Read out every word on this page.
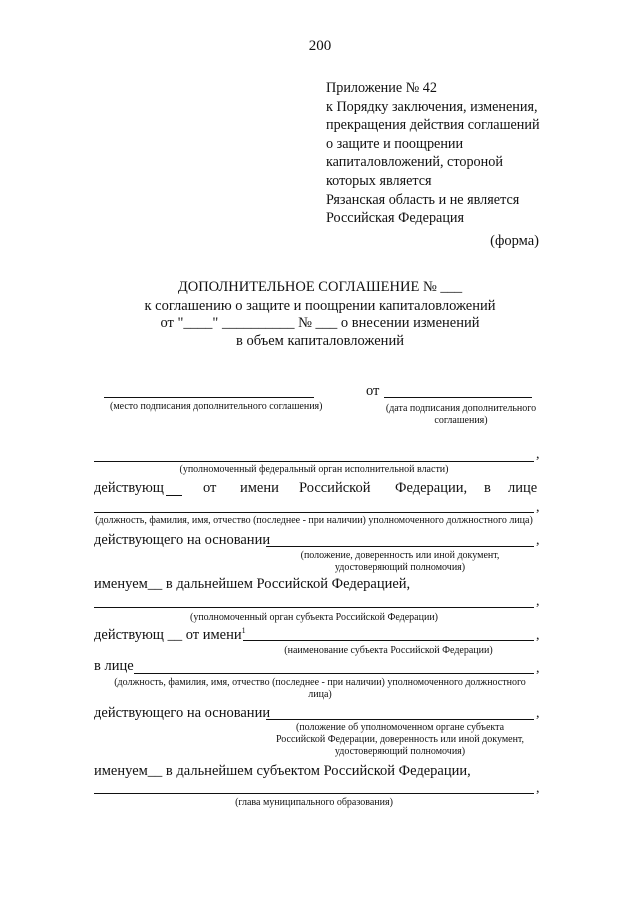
200
Приложение № 42
к Порядку заключения, изменения,
прекращения действия соглашений
о защите и поощрении
капиталовложений, стороной
которых является
Рязанская область и не является
Российская Федерация
(форма)
ДОПОЛНИТЕЛЬНОЕ СОГЛАШЕНИЕ № ___
к соглашению о защите и поощрении капиталовложений
от "____" __________ № ___ о внесении изменений
в объем капиталовложений
(место подписания дополнительного соглашения)
от
(дата подписания дополнительного
соглашения)
,
(уполномоченный федеральный орган исполнительной власти)
действующ	от имени Российской Федерации, в лице
,
(должность, фамилия, имя, отчество (последнее - при наличии) уполномоченного должностного лица)
действующего на основании	,
(положение, доверенность или иной документ,
удостоверяющий полномочия)
именуем__ в дальнейшем Российской Федерацией,
,
(уполномоченный орган субъекта Российской Федерации)
действующ __ от имени$^1$	,
(наименование субъекта Российской Федерации)
в лице	,
(должность, фамилия, имя, отчество (последнее - при наличии) уполномоченного должностного
лица)
действующего на основании	,
(положение об уполномоченном органе субъекта
Российской Федерации, доверенность или иной документ,
удостоверяющий полномочия)
именуем__ в дальнейшем субъектом Российской Федерации,
,
(глава муниципального образования)
